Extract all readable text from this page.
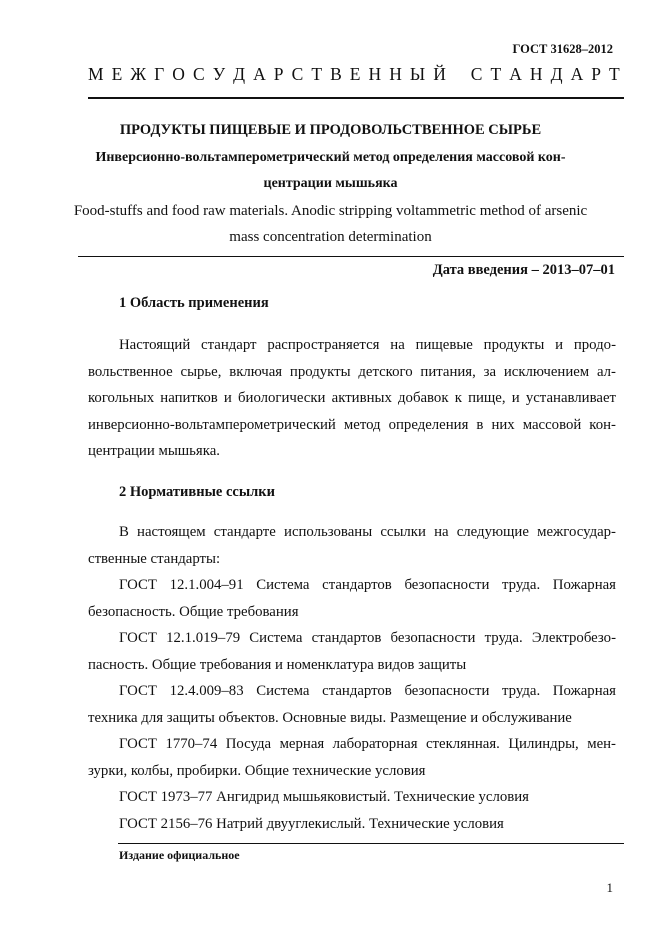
ГОСТ 31628–2012
М Е Ж Г О С У Д А Р С Т В Е Н Н Ы Й
С Т А Н Д А Р Т
ПРОДУКТЫ ПИЩЕВЫЕ И ПРОДОВОЛЬСТВЕННОЕ СЫРЬЕ
Инверсионно-вольтамперометрический метод определения массовой кон-
центрации мышьяка
Food-stuffs and food raw materials. Anodic stripping voltammetric method of arsenic
mass concentration determination
Дата введения – 2013–07–01
1 Область применения
Настоящий стандарт распространяется на пищевые продукты и продо-
вольственное сырье, включая продукты детского питания, за исключением ал-
когольных напитков и биологически активных добавок к пище, и устанавливает
инверсионно-вольтамперометрический метод определения в них массовой кон-
центрации мышьяка.
2 Нормативные ссылки
В настоящем стандарте использованы ссылки на следующие межгосудар-
ственные стандарты:
ГОСТ 12.1.004–91 Система стандартов безопасности труда. Пожарная
безопасность. Общие требования
ГОСТ 12.1.019–79 Система стандартов безопасности труда. Электробезо-
пасность. Общие требования и номенклатура видов защиты
ГОСТ 12.4.009–83 Система стандартов безопасности труда. Пожарная
техника для защиты объектов. Основные виды. Размещение и обслуживание
ГОСТ 1770–74 Посуда мерная лабораторная стеклянная. Цилиндры, мен-
зурки, колбы, пробирки. Общие технические условия
ГОСТ 1973–77 Ангидрид мышьяковистый. Технические условия
ГОСТ 2156–76 Натрий двууглекислый. Технические условия
Издание официальное
1
